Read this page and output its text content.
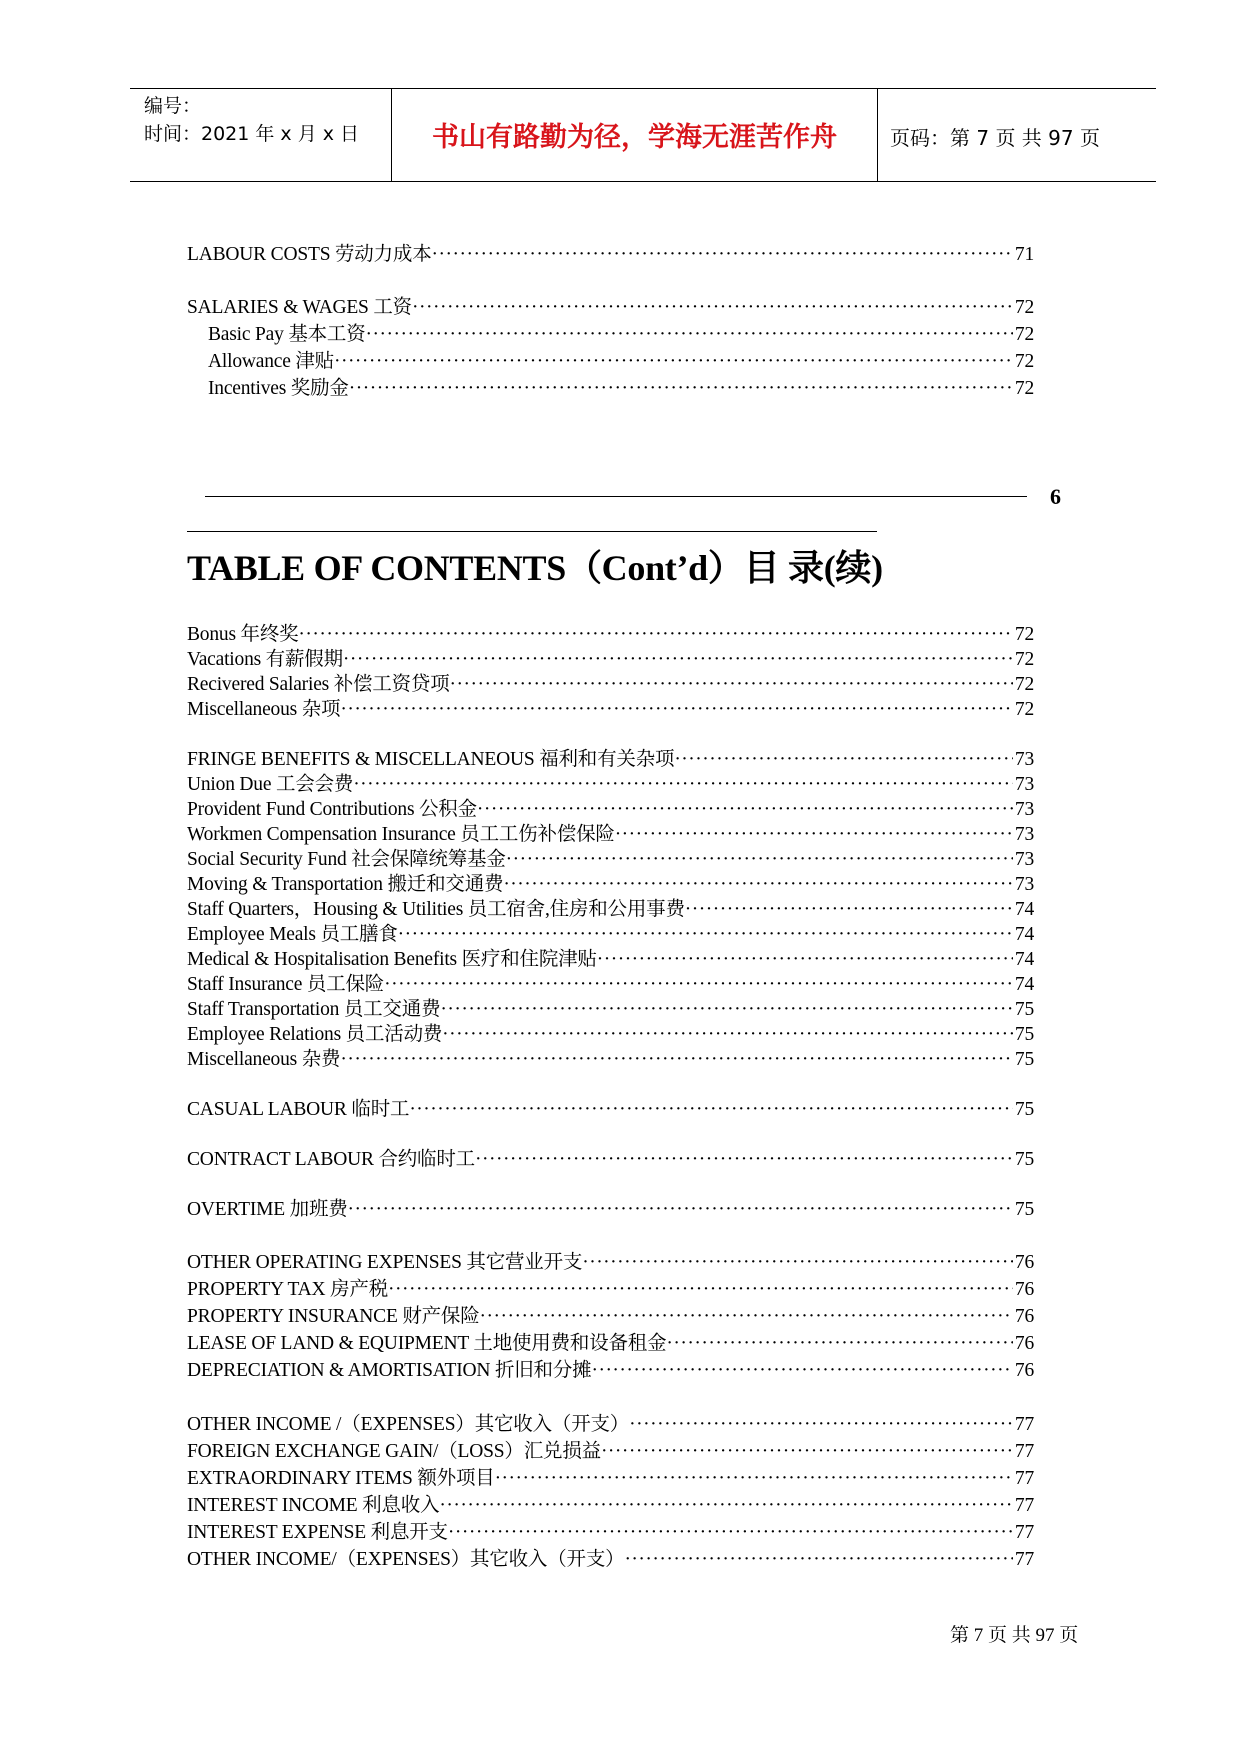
编号：
时间：2021 年 x 月 x 日	书山有路勤为径，学海无涯苦作舟	页码：第 7 页 共 97 页
LABOUR COSTS 劳动力成本 ·····	71
SALARIES & WAGES 工资 ·····	72
Basic Pay 基本工资 ·····	72
Allowance 津贴 ·····	72
Incentives 奖励金 ·····	72
6
TABLE OF CONTENTS（Cont’d）目 录(续)
Bonus 年终奖 ·····	72
Vacations 有薪假期 ·····	72
Recivered Salaries 补偿工资贷项 ·····	72
Miscellaneous 杂项 ·····	72
FRINGE BENEFITS & MISCELLANEOUS 福利和有关杂项 ·····	73
Union Due 工会会费 ·····	73
Provident Fund Contributions 公积金 ·····	73
Workmen Compensation Insurance 员工工伤补偿保险 ·····	73
Social Security Fund 社会保障统筹基金 ·····	73
Moving & Transportation 搬迁和交通费 ·····	73
Staff Quarters，Housing & Utilities 员工宿舍,住房和公用事费 ·····	74
Employee Meals 员工膳食 ·····	74
Medical & Hospitalisation Benefits 医疗和住院津贴 ·····	74
Staff Insurance 员工保险 ·····	74
Staff Transportation 员工交通费 ·····	75
Employee Relations 员工活动费 ·····	75
Miscellaneous 杂费 ·····	75
CASUAL LABOUR 临时工 ·····	75
CONTRACT LABOUR 合约临时工 ·····	75
OVERTIME 加班费 ·····	75
OTHER OPERATING EXPENSES 其它营业开支 ·····	76
PROPERTY TAX 房产税 ·····	76
PROPERTY INSURANCE 财产保险 ·····	76
LEASE OF LAND & EQUIPMENT 土地使用费和设备租金 ·····	76
DEPRECIATION & AMORTISATION 折旧和分摊 ·····	76
OTHER INCOME /（EXPENSES）其它收入（开支） ·····	77
FOREIGN EXCHANGE GAIN/（LOSS）汇兑损益 ·····	77
EXTRAORDINARY ITEMS 额外项目 ·····	77
INTEREST INCOME 利息收入 ·····	77
INTEREST EXPENSE 利息开支 ·····	77
OTHER INCOME/（EXPENSES）其它收入（开支） ·····	77
第 7 页 共 97 页
